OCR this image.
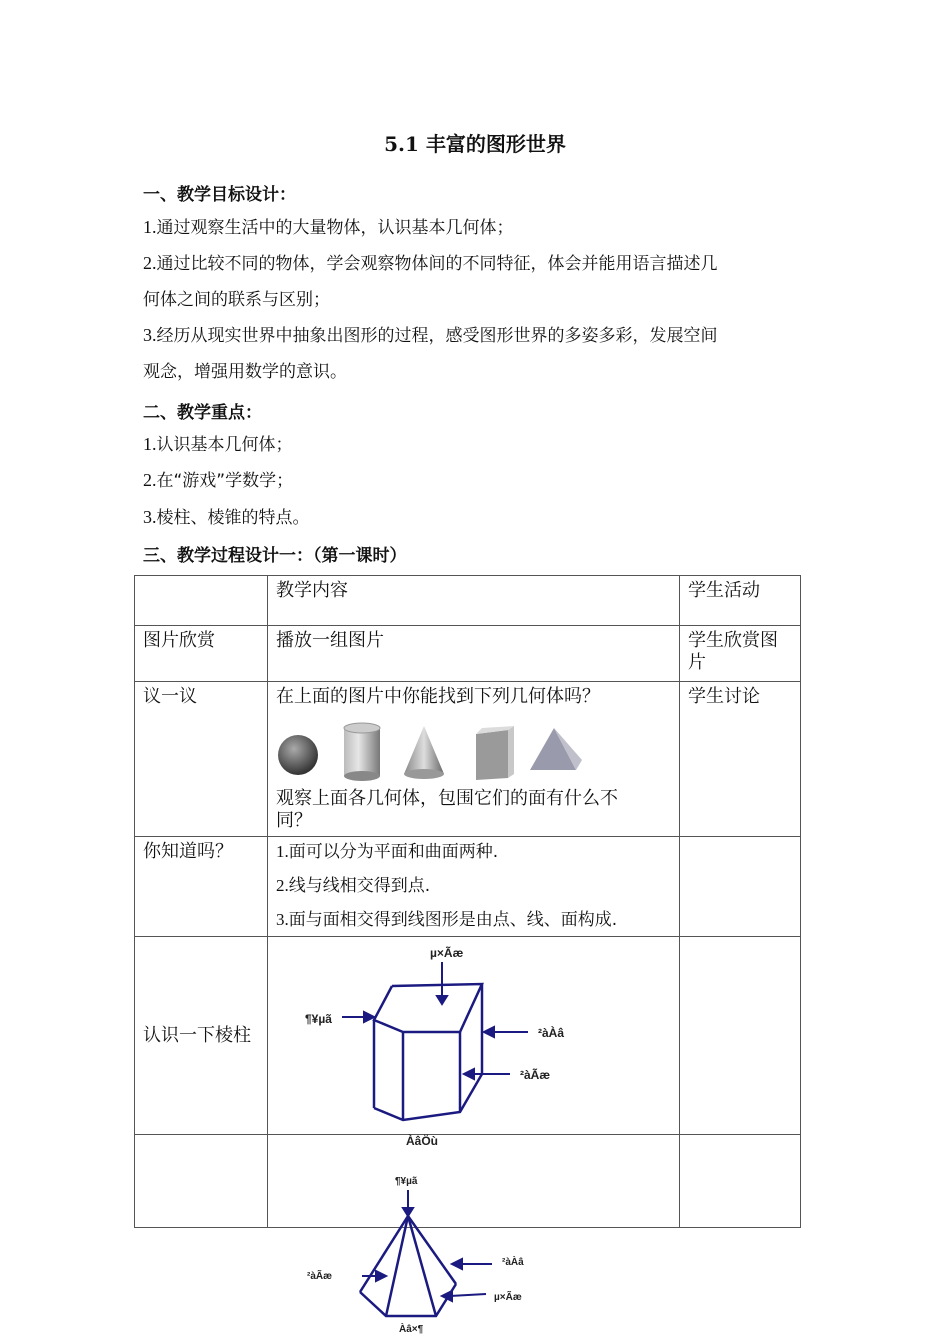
5.1 丰富的图形世界
一、教学目标设计：
1.通过观察生活中的大量物体，认识基本几何体；
2.通过比较不同的物体，学会观察物体间的不同特征，体会并能用语言描述几
何体之间的联系与区别；
3.经历从现实世界中抽象出图形的过程，感受图形世界的多姿多彩，发展空间
观念，增强用数学的意识。
二、教学重点：
1.认识基本几何体；
2.在“游戏”学数学；
3.棱柱、棱锥的特点。
三、教学过程设计一：（第一课时）
	教学内容	学生活动
图片欣赏	播放一组图片	学生欣赏图
片
议一议	在上面的图片中你能找到下列几何体吗？
观察上面各几何体，包围它们的面有什么不
同？	学生讨论
你知道吗？	1.面可以分为平面和曲面两种.
2.线与线相交得到点.
3.面与面相交得到线图形是由点、线、面构成.	

认识一下棱柱		

µ×Ãæ
¶¥µã
²àÀâ
²àÃæ
ÀâÖù
¶¥µã
²àÃæ
²àÀâ
µ×Ãæ
Àâ×¶
